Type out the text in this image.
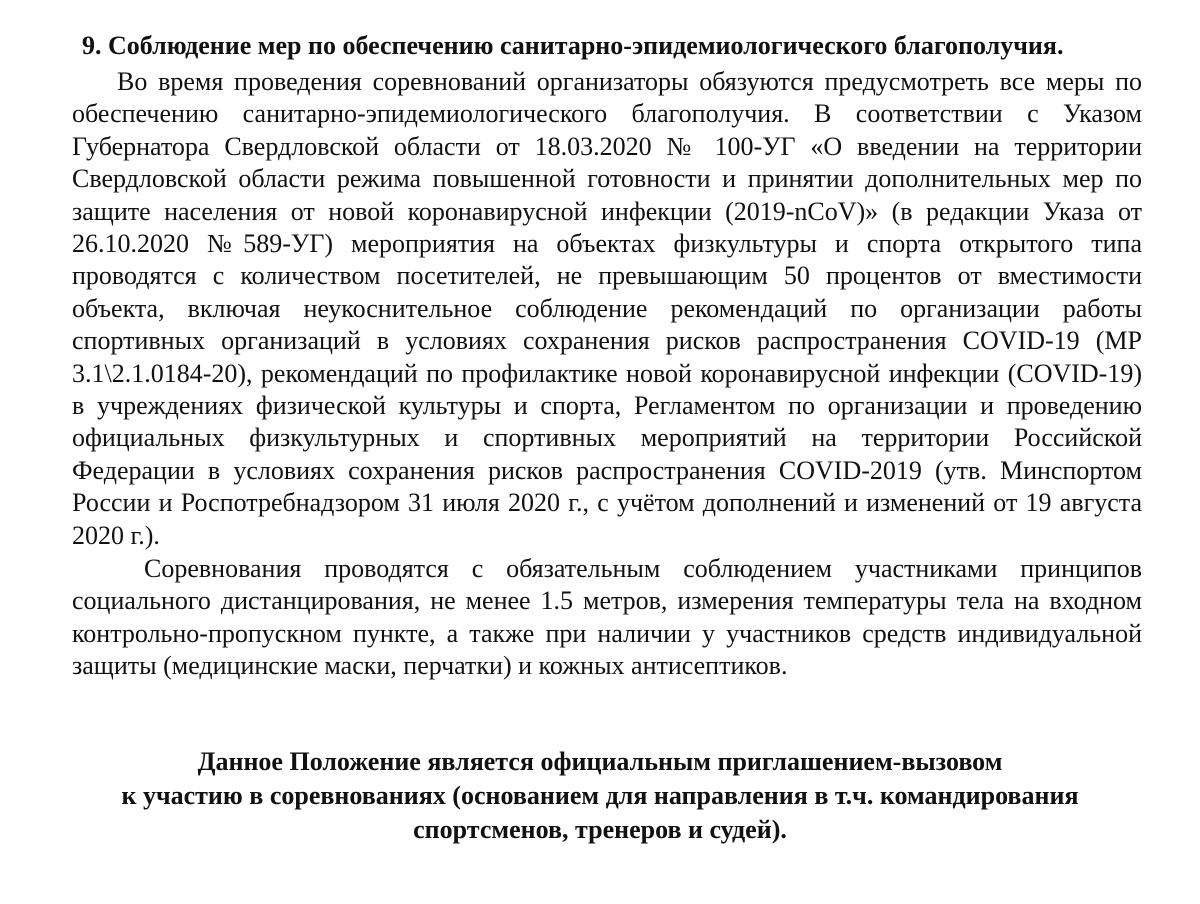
9. Соблюдение мер по обеспечению санитарно-эпидемиологического благополучия.

Во время проведения соревнований организаторы обязуются предусмотреть все меры по обеспечению санитарно-эпидемиологического благополучия. В соответствии с Указом Губернатора Свердловской области от 18.03.2020 № 100-УГ «О введении на территории Свердловской области режима повышенной готовности и принятии дополнительных мер по защите населения от новой коронавирусной инфекции (2019-nCoV)» (в редакции Указа от 26.10.2020 №589-УГ) мероприятия на объектах физкультуры и спорта открытого типа проводятся с количеством посетителей, не превышающим 50 процентов от вместимости объекта, включая неукоснительное соблюдение рекомендаций по организации работы спортивных организаций в условиях сохранения рисков распространения COVID-19 (МР 3.1\2.1.0184-20), рекомендаций по профилактике новой коронавирусной инфекции (COVID-19) в учреждениях физической культуры и спорта, Регламентом по организации и проведению официальных физкультурных и спортивных мероприятий на территории Российской Федерации в условиях сохранения рисков распространения COVID-2019 (утв. Минспортом России и Роспотребнадзором 31 июля 2020 г., с учётом дополнений и изменений от 19 августа 2020 г.).

Соревнования проводятся с обязательным соблюдением участниками принципов социального дистанцирования, не менее 1.5 метров, измерения температуры тела на входном контрольно-пропускном пункте, а также при наличии у участников средств индивидуальной защиты (медицинские маски, перчатки) и кожных антисептиков.

Данное Положение является официальным приглашением-вызовом
к участию в соревнованиях (основанием для направления в т.ч. командирования
спортсменов, тренеров и судей).
